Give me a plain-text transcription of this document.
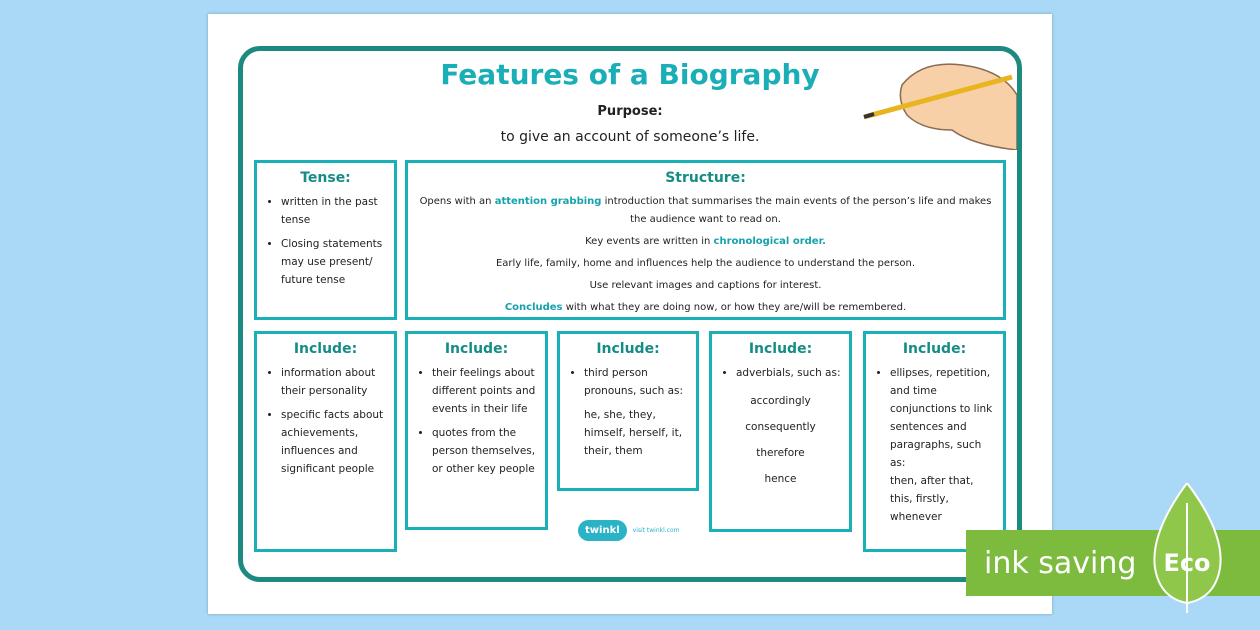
Features of a Biography
Purpose:
to give an account of someone’s life.
Tense:
• written in the past tense
• Closing statements may use present/ future tense
Structure:

Opens with an attention grabbing introduction that summarises the main events of the person’s life and makes the audience want to read on.

Key events are written in chronological order.

Early life, family, home and influences help the audience to understand the person.

Use relevant images and captions for interest.

Concludes with what they are doing now, or how they are/will be remembered.

Include:
• information about their personality
• specific facts about achievements, influences and significant people
Include:
• their feelings about different points and events in their life
• quotes from the person themselves, or other key people
Include:
• third person pronouns, such as:
he, she, they, himself, herself, it, their, them
Include:
• adverbials, such as:
accordingly
consequently
therefore
hence
Include:
• ellipses, repetition, and time conjunctions to link sentences and paragraphs, such as:
then, after that, this, firstly, whenever
twinkl	visit twinkl.com
ink saving Eco
